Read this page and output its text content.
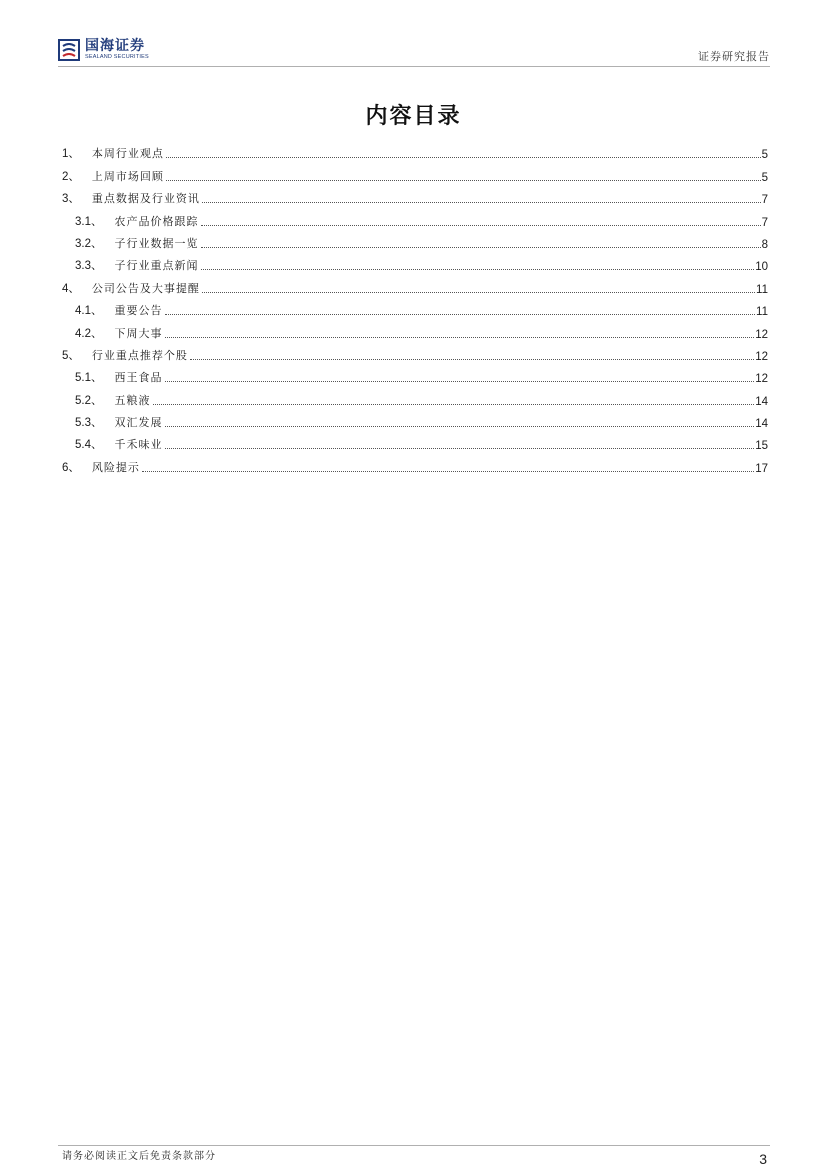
国海证券
SEALAND SECURITIES	证券研究报告
内容目录
1、 本周行业观点	5
2、 上周市场回顾	5
3、 重点数据及行业资讯	7
3.1、 农产品价格跟踪	7
3.2、 子行业数据一览	8
3.3、 子行业重点新闻	10
4、 公司公告及大事提醒	11
4.1、 重要公告	11
4.2、 下周大事	12
5、 行业重点推荐个股	12
5.1、 西王食品	12
5.2、 五粮液	14
5.3、 双汇发展	14
5.4、 千禾味业	15
6、 风险提示	17
请务必阅读正文后免责条款部分	3
